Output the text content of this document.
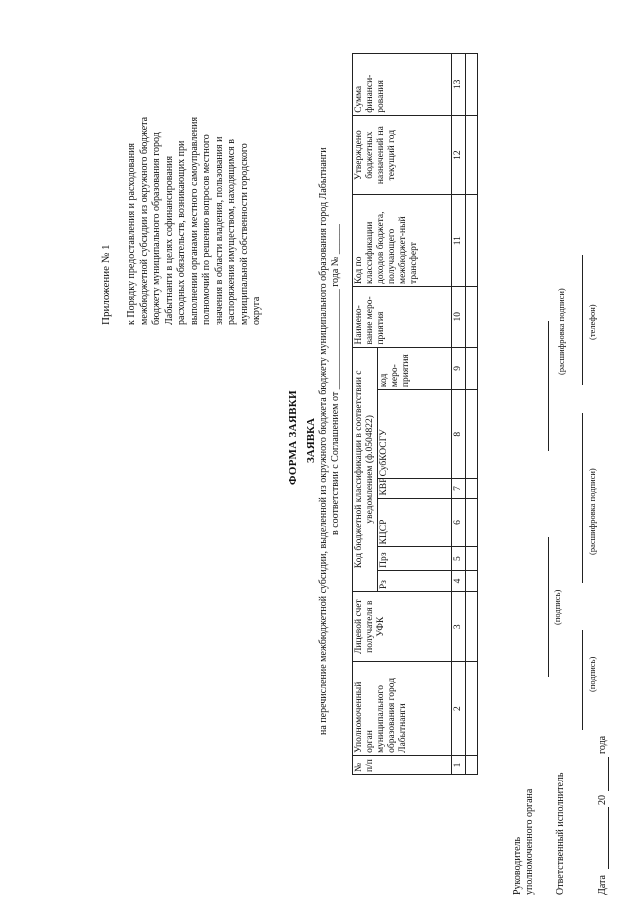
Приложение № 1 к Порядку предоставления и расходования межбюджетной субсидии из окружного бюджета бюджету муниципального образования город Лабытнанги в целях софинансирования расходных обязательств, возникающих при выполнении органами местного самоуправления полномочий по решению вопросов местного значения в области владения, пользования и распоряжения имуществом, находящимся в муниципальной собственности городского округа
ФОРМА ЗАЯВКИ ЗАЯВКА на перечисление межбюджетной субсидии, выделенной из окружного бюджета бюджету муниципального образования город Лабытнанги в соответствии с Соглашением от ____________________ года № ______
№ п/п	Уполномоченный орган муниципального образования город Лабытнанги	Лицевой счет получателя в УФК	Код бюджетной классификации в соответствии с уведомлением (ф.0504822)						Наимено-вание меро-приятия	Код по классификации доходов бюджета, получающего межбюджет-ный трансферт	Утверждено бюджетных назначений на текущий год	Сумма финанси-рования
			Рз	Прз	КЦСР	КВР	СубКОСГУ	код меро-приятия				
1	2	3	4	5	6	7	8	9	10	11	12	13

Руководитель уполномоченного органа
(подпись)
Ответственный исполнитель
(подпись)
(расшифровка подписи)
(расшифровка подписи) (телефон)
Дата
20
года
